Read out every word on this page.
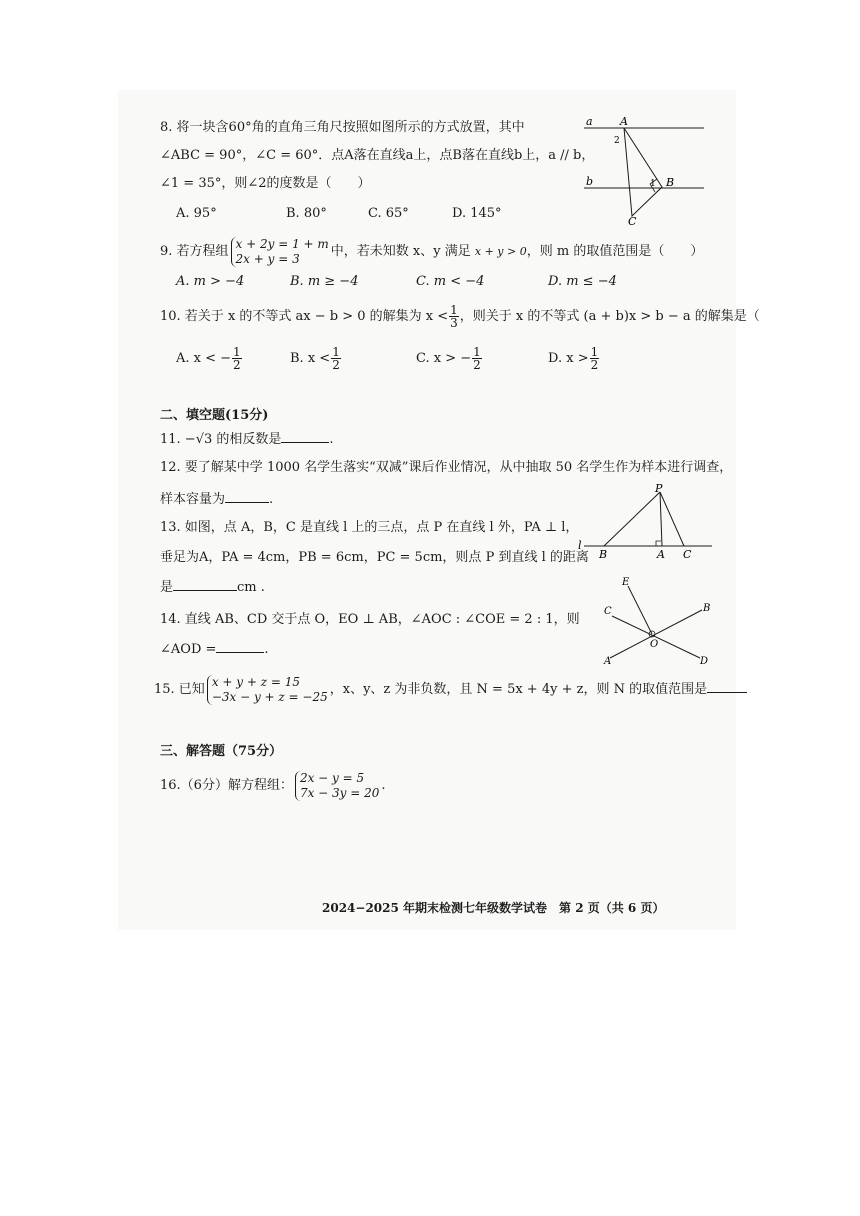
8. 将一块含60°角的直角三角尺按照如图所示的方式放置，其中
∠ABC = 90°，∠C = 60°．点A落在直线a上，点B落在直线b上，a // b，
∠1 = 35°，则∠2的度数是（　　）
A. 95°	B. 80°	C. 65°	D. 145°
a
b
A
B
C
1
2
9. 若方程组
x + 2y = 1 + m
2x + y = 3	中，若未知数 x、y 满足 x + y > 0，则 m 的取值范围是（　　）
A. m > −4	B. m ≥ −4	C. m < −4	D. m ≤ −4
10. 若关于 x 的不等式 ax − b > 0 的解集为 $x < \frac{1}{3}$ ，则关于 x 的不等式 (a + b)x > b − a 的解集是（
A. x < − $\frac{1}{2}$	B. $x < \frac{1}{2}$	C. x > − $\frac{1}{2}$	D. $x > \frac{1}{2}$
二、填空题(15分)
11. −√3 的相反数是	.
12. 要了解某中学 1000 名学生落实“双减”课后作业情况，从中抽取 50 名学生作为样本进行调查，
样本容量为	.
13. 如图，点 A，B，C 是直线 l 上的三点，点 P 在直线 l 外，PA ⊥ l，
垂足为A，PA = 4cm，PB = 6cm，PC = 5cm，则点 P 到直线 l 的距离
是	cm .
P
l
B	A C
14. 直线 AB、CD 交于点 O，EO ⊥ AB，∠AOC : ∠COE = 2 : 1，则
∠AOD =	.
E
C	B
O
A	D
15. 已知
x + y + z = 15
−3x − y + z = −25 ，x、y、z 为非负数，且 N = 5x + 4y + z，则 N 的取值范围是
三、解答题（75分）
16.（6分）解方程组：
2x − y = 5
7x − 3y = 20 .
2024−2025 年期末检测七年级数学试卷　第 2 页（共 6 页）
